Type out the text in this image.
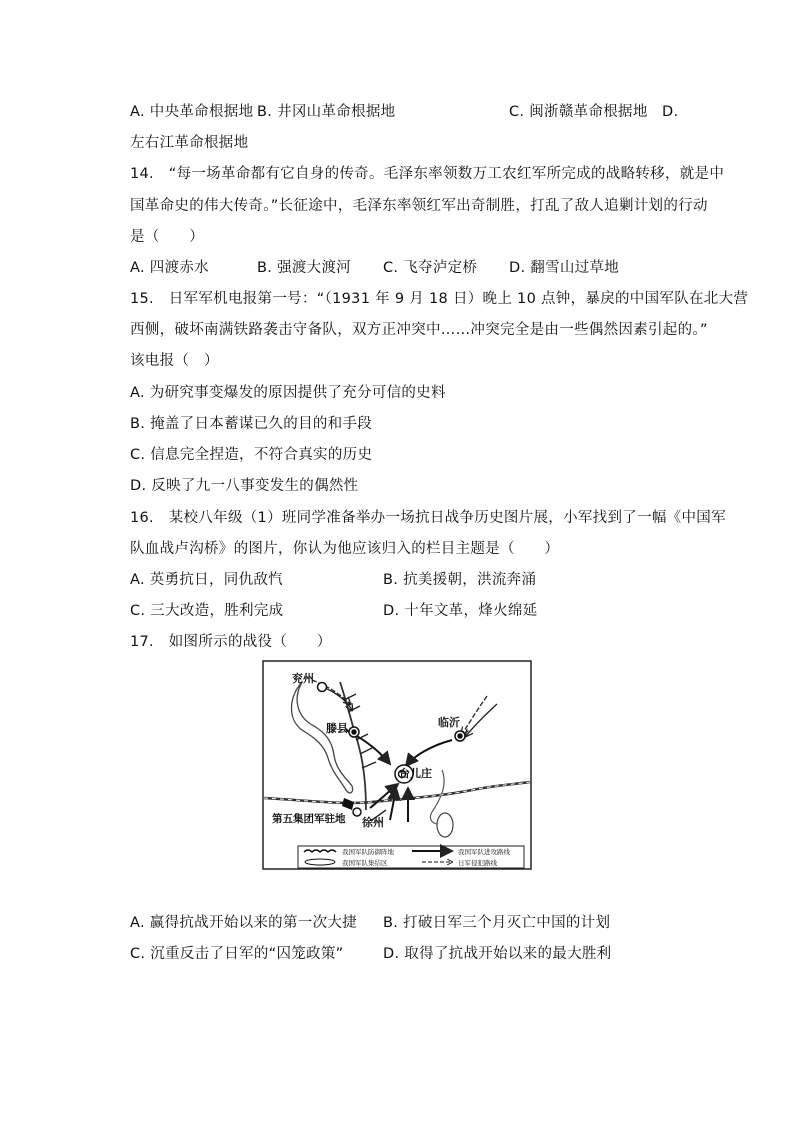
A. 中央革命根据地 B. 井冈山革命根据地	C. 闽浙赣革命根据地 D.
左右江革命根据地
14.　“每一场革命都有它自身的传奇。毛泽东率领数万工农红军所完成的战略转移，就是中
国革命史的伟大传奇。”长征途中，毛泽东率领红军出奇制胜，打乱了敌人追剿计划的行动
是（　　）
A. 四渡赤水	B. 强渡大渡河 C. 飞夺泸定桥 D. 翻雪山过草地
15.　日军军机电报第一号：“（1931 年 9 月 18 日）晚上 10 点钟，暴戾的中国军队在北大营
西侧，破坏南满铁路袭击守备队，双方正冲突中……冲突完全是由一些偶然因素引起的。”
该电报（　）
A. 为研究事变爆发的原因提供了充分可信的史料
B. 掩盖了日本蓄谋已久的目的和手段
C. 信息完全捏造，不符合真实的历史
D. 反映了九一八事变发生的偶然性
16.　某校八年级（1）班同学准备举办一场抗日战争历史图片展，小军找到了一幅《中国军
队血战卢沟桥》的图片，你认为他应该归入的栏目主题是（　　）
A. 英勇抗日，同仇敌忾	B. 抗美援朝，洪流奔涌
C. 三大改造，胜利完成	D. 十年文革，烽火绵延
17.　如图所示的战役（　　）
兖州
滕县	临沂
台儿庄
徐州
第五集团军驻地
我国军队防御阵地
我国军队集结区
我国军队进攻路线
日军侵犯路线
A. 赢得抗战开始以来的第一次大捷 B. 打破日军三个月灭亡中国的计划
C. 沉重反击了日军的“囚笼政策”	D. 取得了抗战开始以来的最大胜利
